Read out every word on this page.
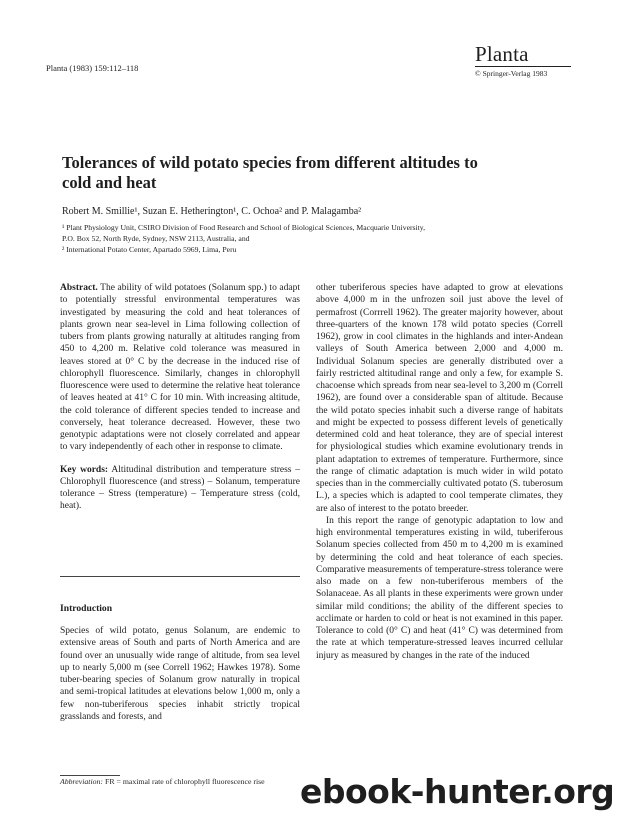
Planta (1983) 159:112–118
Planta
© Springer-Verlag 1983
Tolerances of wild potato species from different altitudes to cold and heat
Robert M. Smillie¹, Suzan E. Hetherington¹, C. Ochoa² and P. Malagamba²
¹ Plant Physiology Unit, CSIRO Division of Food Research and School of Biological Sciences, Macquarie University,
P.O. Box 52, North Ryde, Sydney, NSW 2113, Australia, and
² International Potato Center, Apartado 5969, Lima, Peru

Abstract. The ability of wild potatoes (Solanum spp.) to adapt to potentially stressful environmental temperatures was investigated by measuring the cold and heat tolerances of plants grown near sea-level in Lima following collection of tubers from plants growing naturally at altitudes ranging from 450 to 4,200 m. Relative cold tolerance was measured in leaves stored at 0° C by the decrease in the induced rise of chlorophyll fluorescence. Similarly, changes in chlorophyll fluorescence were used to determine the relative heat tolerance of leaves heated at 41° C for 10 min. With increasing altitude, the cold tolerance of different species tended to increase and conversely, heat tolerance decreased. However, these two genotypic adaptations were not closely correlated and appear to vary independently of each other in response to climate.

Key words: Altitudinal distribution and temperature stress – Chlorophyll fluorescence (and stress) – Solanum, temperature tolerance – Stress (temperature) – Temperature stress (cold, heat).

Introduction

Species of wild potato, genus Solanum, are endemic to extensive areas of South and parts of North America and are found over an unusually wide range of altitude, from sea level up to nearly 5,000 m (see Correll 1962; Hawkes 1978). Some tuber-bearing species of Solanum grow naturally in tropical and semi-tropical latitudes at elevations below 1,000 m, only a few non-tuberiferous species inhabit strictly tropical grasslands and forests, and

Abbreviation: FR = maximal rate of chlorophyll fluorescence rise

other tuberiferous species have adapted to grow at elevations above 4,000 m in the unfrozen soil just above the level of permafrost (Corrrell 1962). The greater majority however, about three-quarters of the known 178 wild potato species (Correll 1962), grow in cool climates in the highlands and inter-Andean valleys of South America between 2,000 and 4,000 m. Individual Solanum species are generally distributed over a fairly restricted altitudinal range and only a few, for example S. chacoense which spreads from near sea-level to 3,200 m (Correll 1962), are found over a considerable span of altitude. Because the wild potato species inhabit such a diverse range of habitats and might be expected to possess different levels of genetically determined cold and heat tolerance, they are of special interest for physiological studies which examine evolutionary trends in plant adaptation to extremes of temperature. Furthermore, since the range of climatic adaptation is much wider in wild potato species than in the commercially cultivated potato (S. tuberosum L.), a species which is adapted to cool temperate climates, they are also of interest to the potato breeder.

In this report the range of genotypic adaptation to low and high environmental temperatures existing in wild, tuberiferous Solanum species collected from 450 m to 4,200 m is examined by determining the cold and heat tolerance of each species. Comparative measurements of temperature-stress tolerance were also made on a few non-tuberiferous members of the Solanaceae. As all plants in these experiments were grown under similar mild conditions; the ability of the different species to acclimate or harden to cold or heat is not examined in this paper. Tolerance to cold (0° C) and heat (41° C) was determined from the rate at which temperature-stressed leaves incurred cellular injury as measured by changes in the rate of the induced

ebook-hunter.org
